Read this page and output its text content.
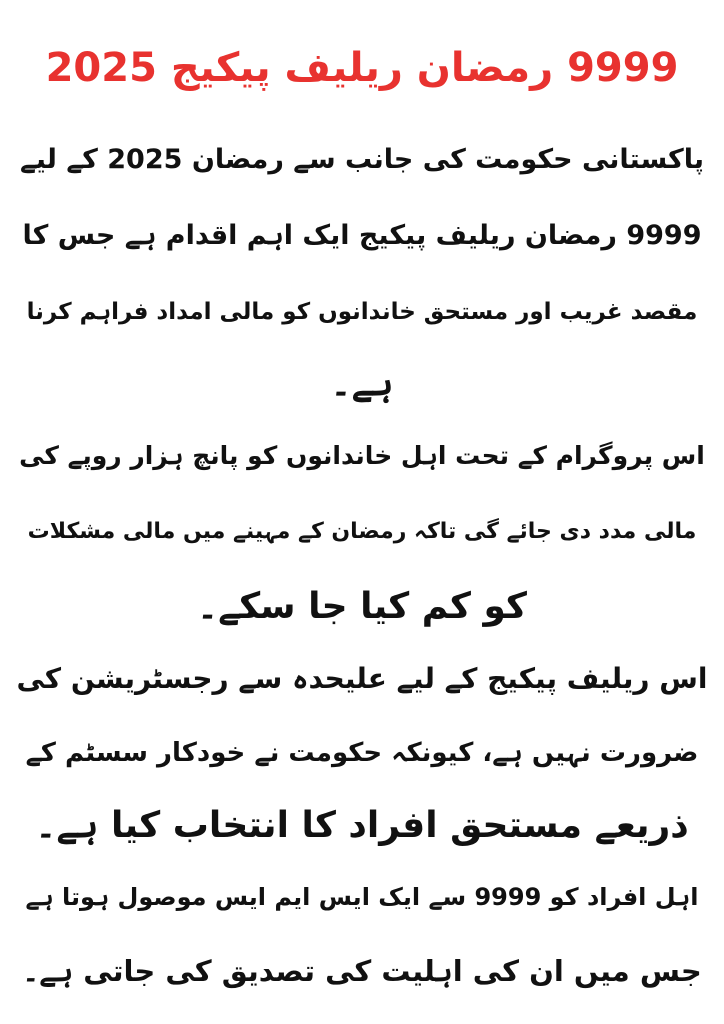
9999 رمضان ریلیف پیکیج 2025
پاکستانی حکومت کی جانب سے رمضان 2025 کے لیے
9999 رمضان ریلیف پیکیج ایک اہم اقدام ہے جس کا
مقصد غریب اور مستحق خاندانوں کو مالی امداد فراہم کرنا
ہے۔
اس پروگرام کے تحت اہل خاندانوں کو پانچ ہزار روپے کی
مالی مدد دی جائے گی تاکہ رمضان کے مہینے میں مالی مشکلات
کو کم کیا جا سکے۔
اس ریلیف پیکیج کے لیے علیحدہ سے رجسٹریشن کی
ضرورت نہیں ہے، کیونکہ حکومت نے خودکار سسٹم کے
ذریعے مستحق افراد کا انتخاب کیا ہے۔
اہل افراد کو 9999 سے ایک ایس ایم ایس موصول ہوتا ہے
جس میں ان کی اہلیت کی تصدیق کی جاتی ہے۔
